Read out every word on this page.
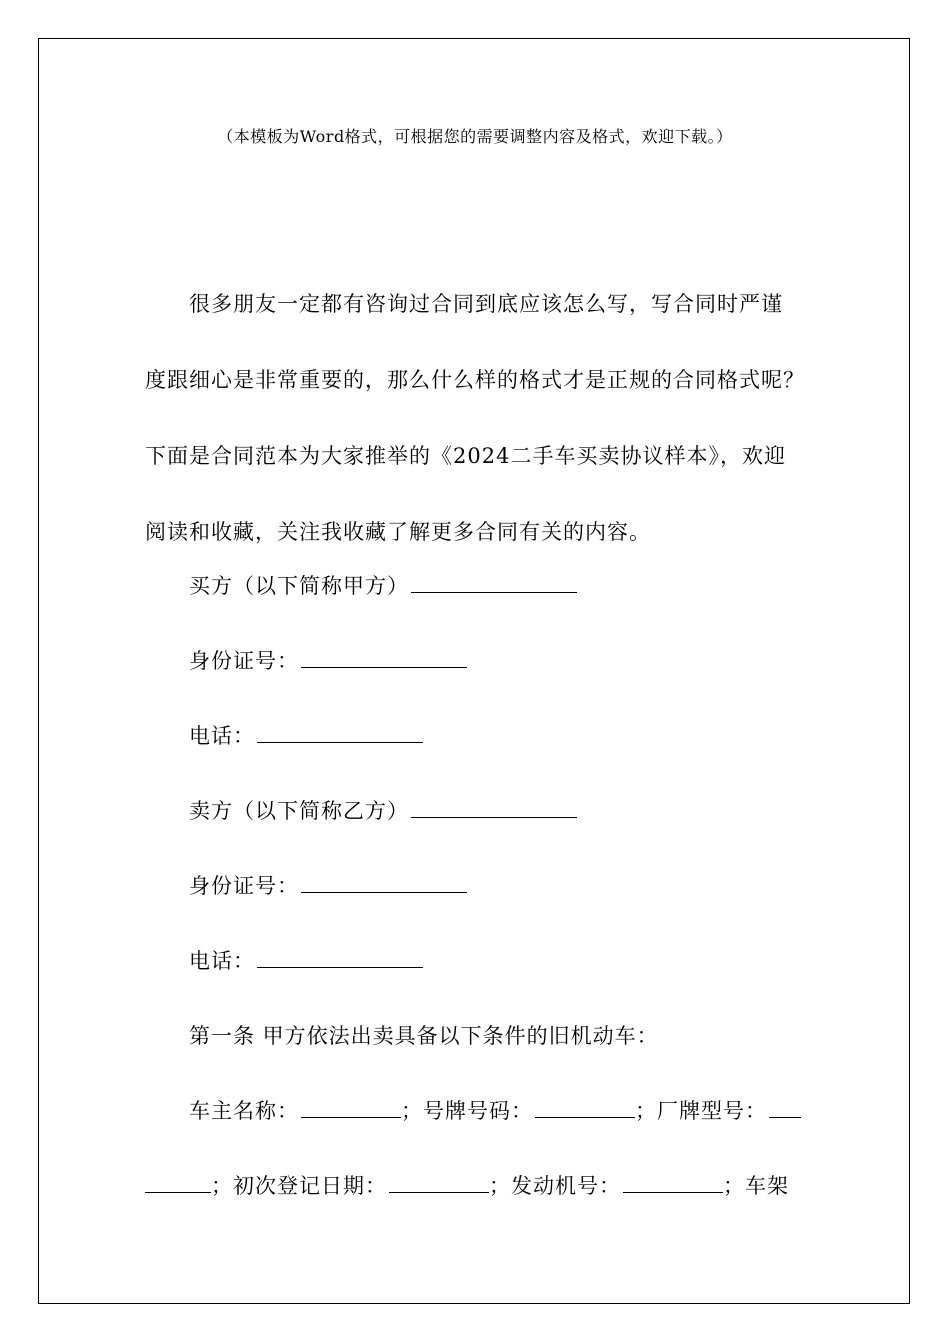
（本模板为Word格式，可根据您的需要调整内容及格式，欢迎下载。）
很多朋友一定都有咨询过合同到底应该怎么写，写合同时严谨
度跟细心是非常重要的，那么什么样的格式才是正规的合同格式呢？
下面是合同范本为大家推举的《2024二手车买卖协议样本》，欢迎
阅读和收藏，关注我收藏了解更多合同有关的内容。
买方（以下简称甲方）
身份证号：
电话：
卖方（以下简称乙方）
身份证号：
电话：
第一条 甲方依法出卖具备以下条件的旧机动车：
车主名称：	；号牌号码：	；厂牌型号：
；初次登记日期：	；发动机号：	；车架
